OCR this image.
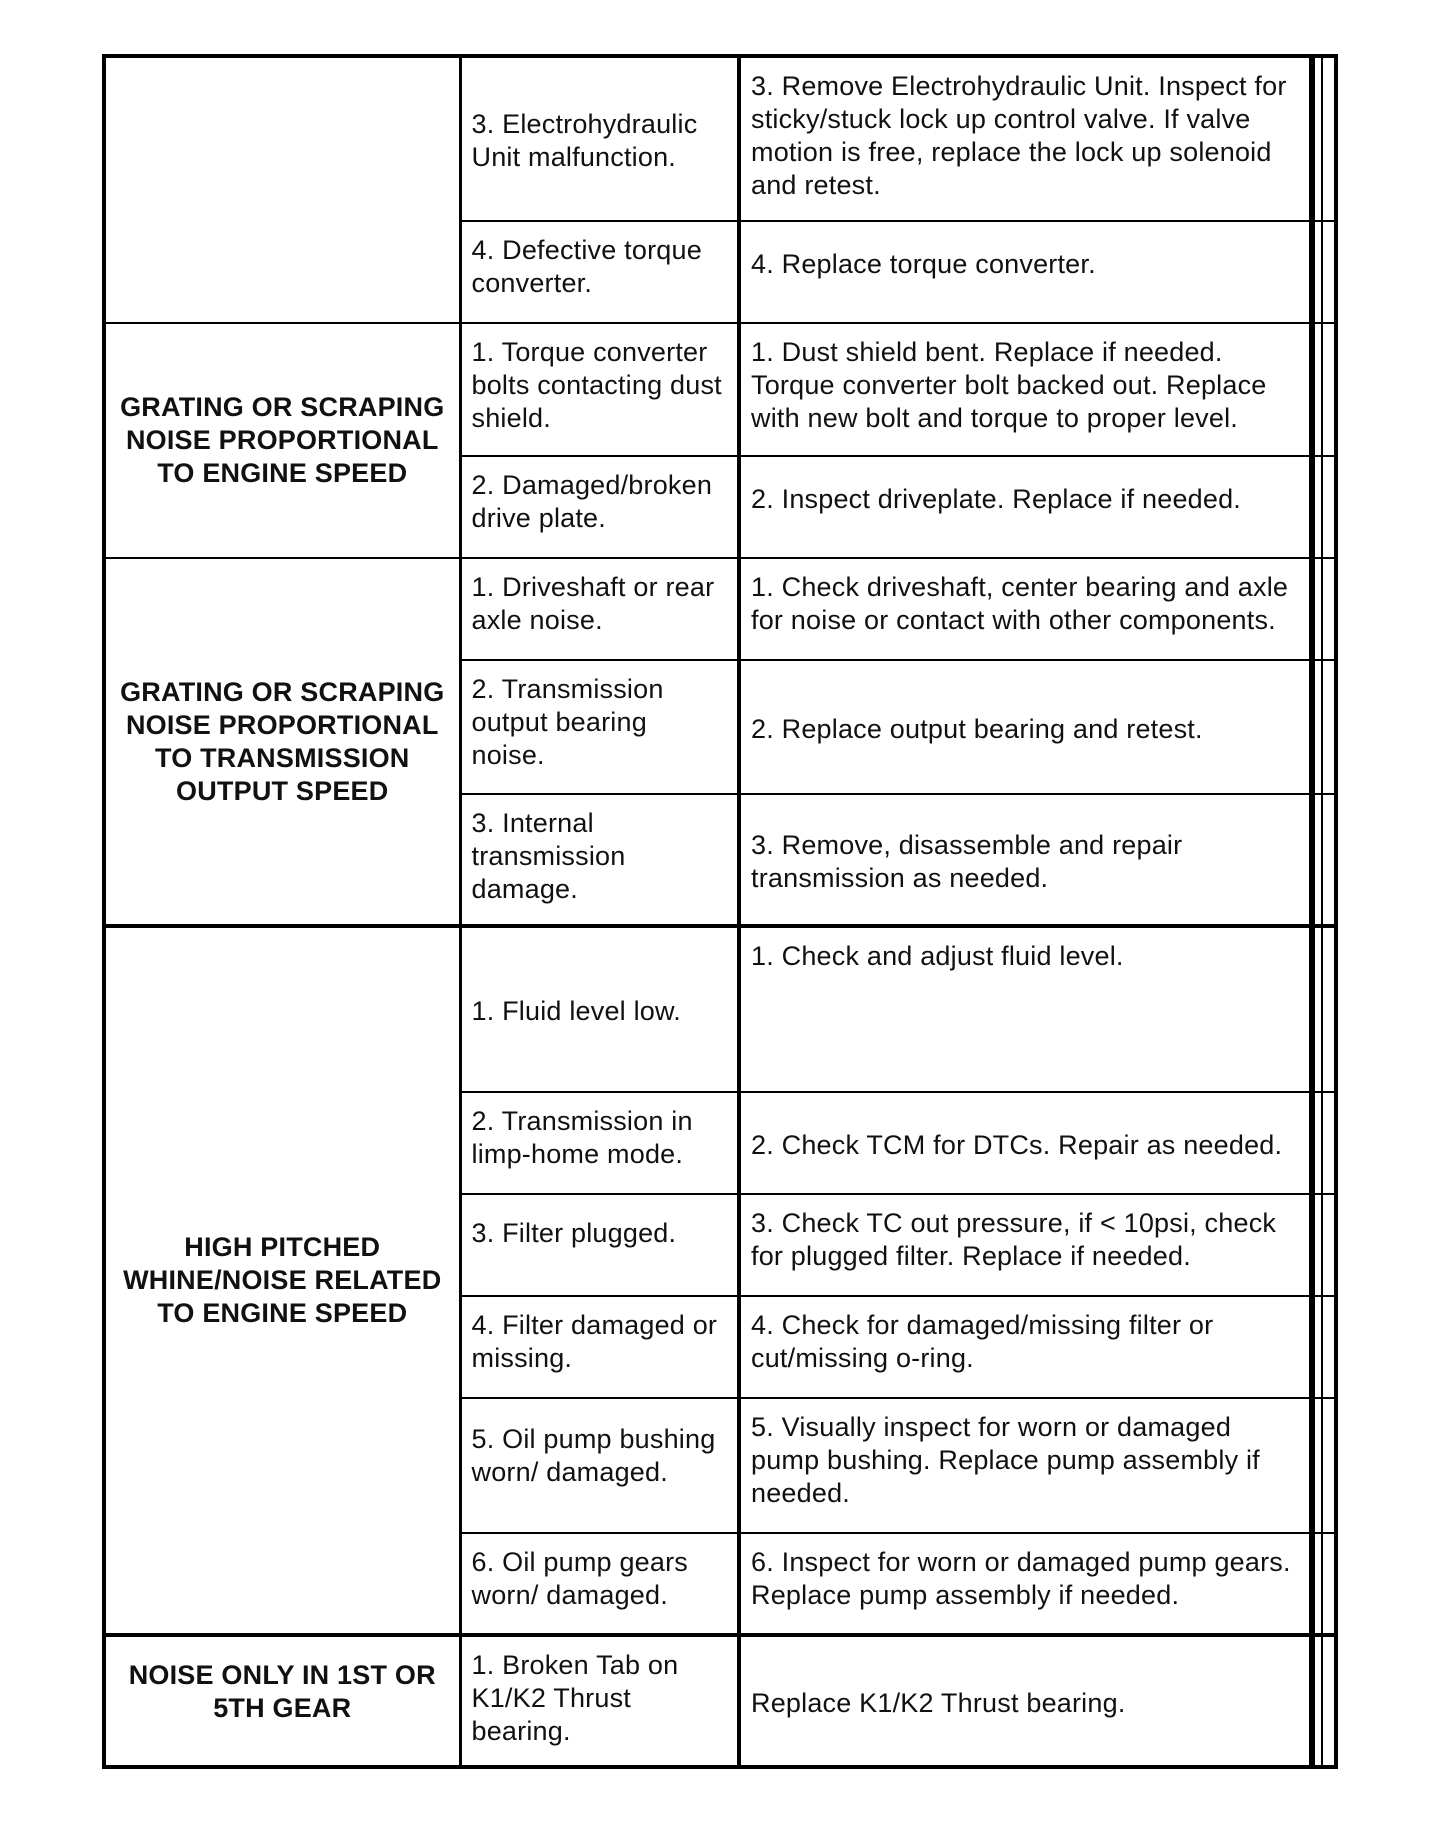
	3. Electrohydraulic Unit malfunction.	3. Remove Electrohydraulic Unit. Inspect for sticky/stuck lock up control valve. If valve motion is free, replace the lock up solenoid and retest.		
	4. Defective torque converter.	4. Replace torque converter.		
GRATING OR SCRAPING NOISE PROPORTIONAL TO ENGINE SPEED	1. Torque converter bolts contacting dust shield.	1. Dust shield bent. Replace if needed. Torque converter bolt backed out. Replace with new bolt and torque to proper level.		
	2. Damaged/broken drive plate.	2. Inspect driveplate. Replace if needed.		
GRATING OR SCRAPING NOISE PROPORTIONAL TO TRANSMISSION OUTPUT SPEED	1. Driveshaft or rear axle noise.	1. Check driveshaft, center bearing and axle for noise or contact with other components.		
	2. Transmission output bearing noise.	2. Replace output bearing and retest.		
	3. Internal transmission damage.	3. Remove, disassemble and repair transmission as needed.		
HIGH PITCHED WHINE/NOISE RELATED TO ENGINE SPEED	1. Fluid level low.	1. Check and adjust fluid level.		
	2. Transmission in limp-home mode.	2. Check TCM for DTCs. Repair as needed.		
	3. Filter plugged.	3. Check TC out pressure, if < 10psi, check for plugged filter. Replace if needed.		
	4. Filter damaged or missing.	4. Check for damaged/missing filter or cut/missing o-ring.		
	5. Oil pump bushing worn/ damaged.	5. Visually inspect for worn or damaged pump bushing. Replace pump assembly if needed.		
	6. Oil pump gears worn/ damaged.	6. Inspect for worn or damaged pump gears. Replace pump assembly if needed.		
NOISE ONLY IN 1ST OR 5TH GEAR	1. Broken Tab on K1/K2 Thrust bearing.	Replace K1/K2 Thrust bearing.		
